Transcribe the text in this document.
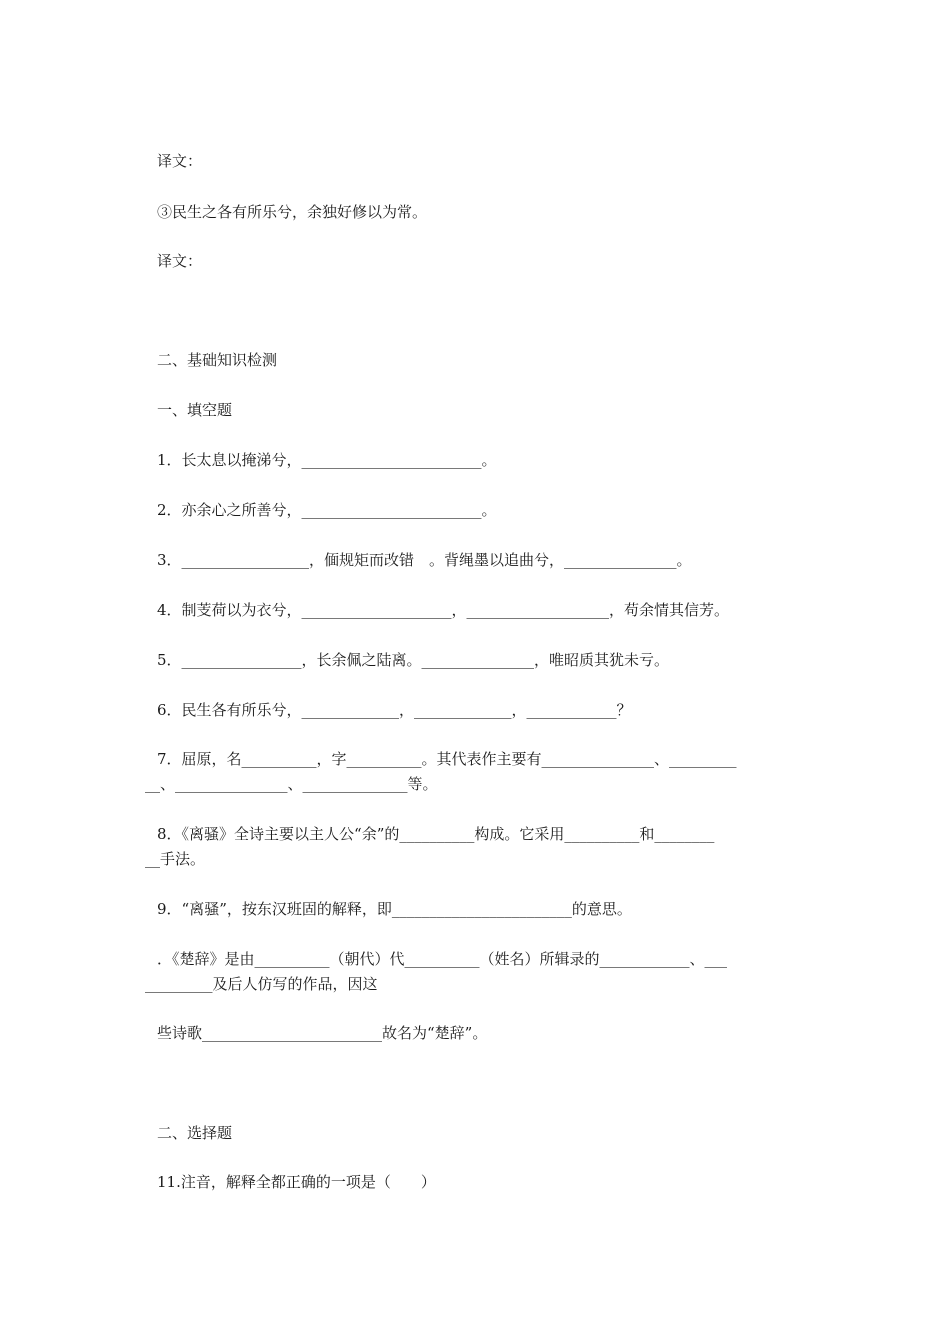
译文：
③民生之各有所乐兮，余独好修以为常。
译文：
二、基础知识检测
一、填空题
1．长太息以掩涕兮，________________________。
2．亦余心之所善兮，________________________。
3．_________________，偭规矩而改错　。背绳墨以追曲兮，_______________。
4．制芰荷以为衣兮，____________________，___________________，苟余情其信芳。
5．________________，长余佩之陆离。_______________，唯昭质其犹未亏。
6．民生各有所乐兮，_____________，_____________，____________？
7．屈原，名__________，字__________。其代表作主要有_______________、_________
__、_______________、______________等。
8．《离骚》全诗主要以主人公“余”的__________构成。它采用__________和________
__手法。
9．“离骚”，按东汉班固的解释，即________________________的意思。
．《楚辞》是由__________（朝代）代__________（姓名）所辑录的____________、___
_________及后人仿写的作品，因这
些诗歌________________________故名为“楚辞”。
二、选择题
11.注音，解释全都正确的一项是（　　）
